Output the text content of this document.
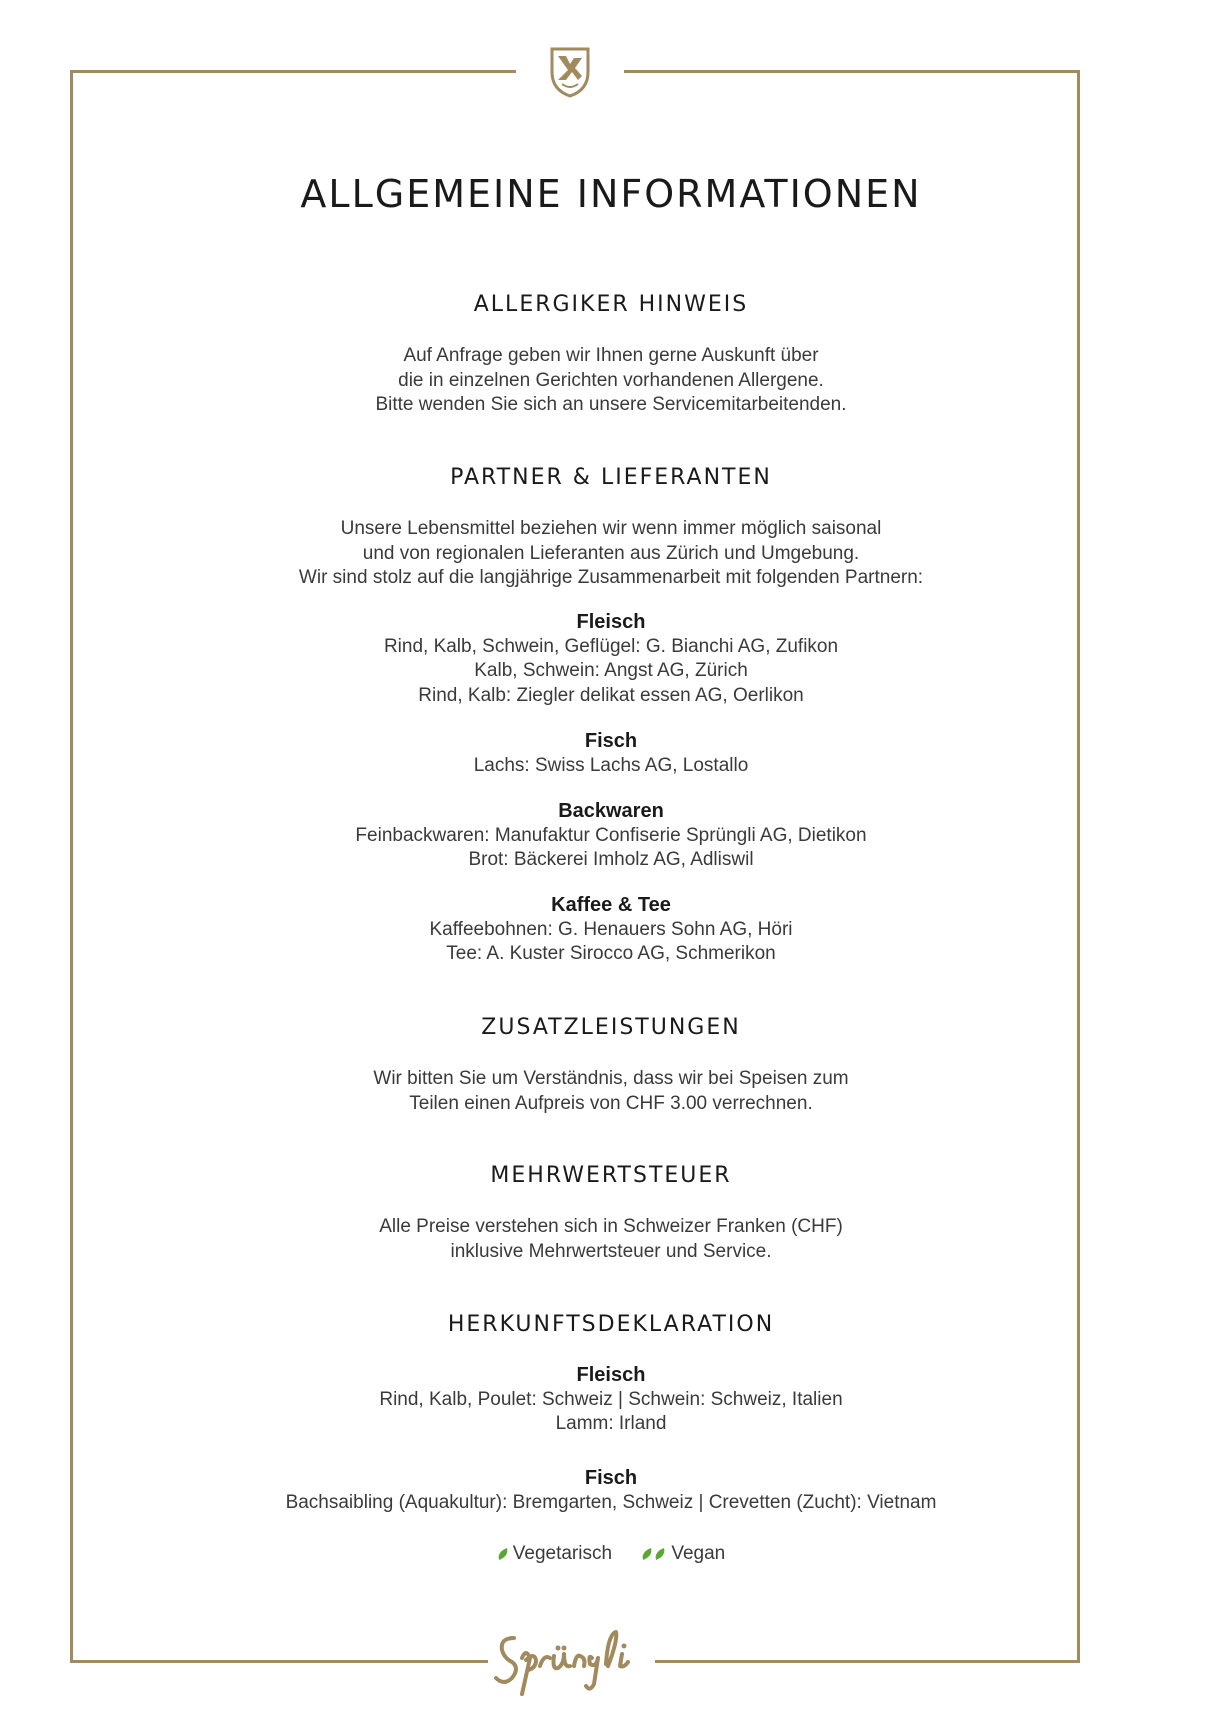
ALLGEMEINE INFORMATIONEN
ALLERGIKER HINWEIS
Auf Anfrage geben wir Ihnen gerne Auskunft über
die in einzelnen Gerichten vorhandenen Allergene.
Bitte wenden Sie sich an unsere Servicemitarbeitenden.
PARTNER & LIEFERANTEN
Unsere Lebensmittel beziehen wir wenn immer möglich saisonal
und von regionalen Lieferanten aus Zürich und Umgebung.
Wir sind stolz auf die langjährige Zusammenarbeit mit folgenden Partnern:
Fleisch
Rind, Kalb, Schwein, Geflügel: G. Bianchi AG, Zufikon
Kalb, Schwein: Angst AG, Zürich
Rind, Kalb: Ziegler delikat essen AG, Oerlikon
Fisch
Lachs: Swiss Lachs AG, Lostallo
Backwaren
Feinbackwaren: Manufaktur Confiserie Sprüngli AG, Dietikon
Brot: Bäckerei Imholz AG, Adliswil
Kaffee & Tee
Kaffeebohnen: G. Henauers Sohn AG, Höri
Tee: A. Kuster Sirocco AG, Schmerikon
ZUSATZLEISTUNGEN
Wir bitten Sie um Verständnis, dass wir bei Speisen zum
Teilen einen Aufpreis von CHF 3.00 verrechnen.
MEHRWERTSTEUER
Alle Preise verstehen sich in Schweizer Franken (CHF)
inklusive Mehrwertsteuer und Service.
HERKUNFTSDEKLARATION
Fleisch
Rind, Kalb, Poulet: Schweiz | Schwein: Schweiz, Italien
Lamm: Irland
Fisch
Bachsaibling (Aquakultur): Bremgarten, Schweiz | Crevetten (Zucht): Vietnam
Vegetarisch
	Vegan
